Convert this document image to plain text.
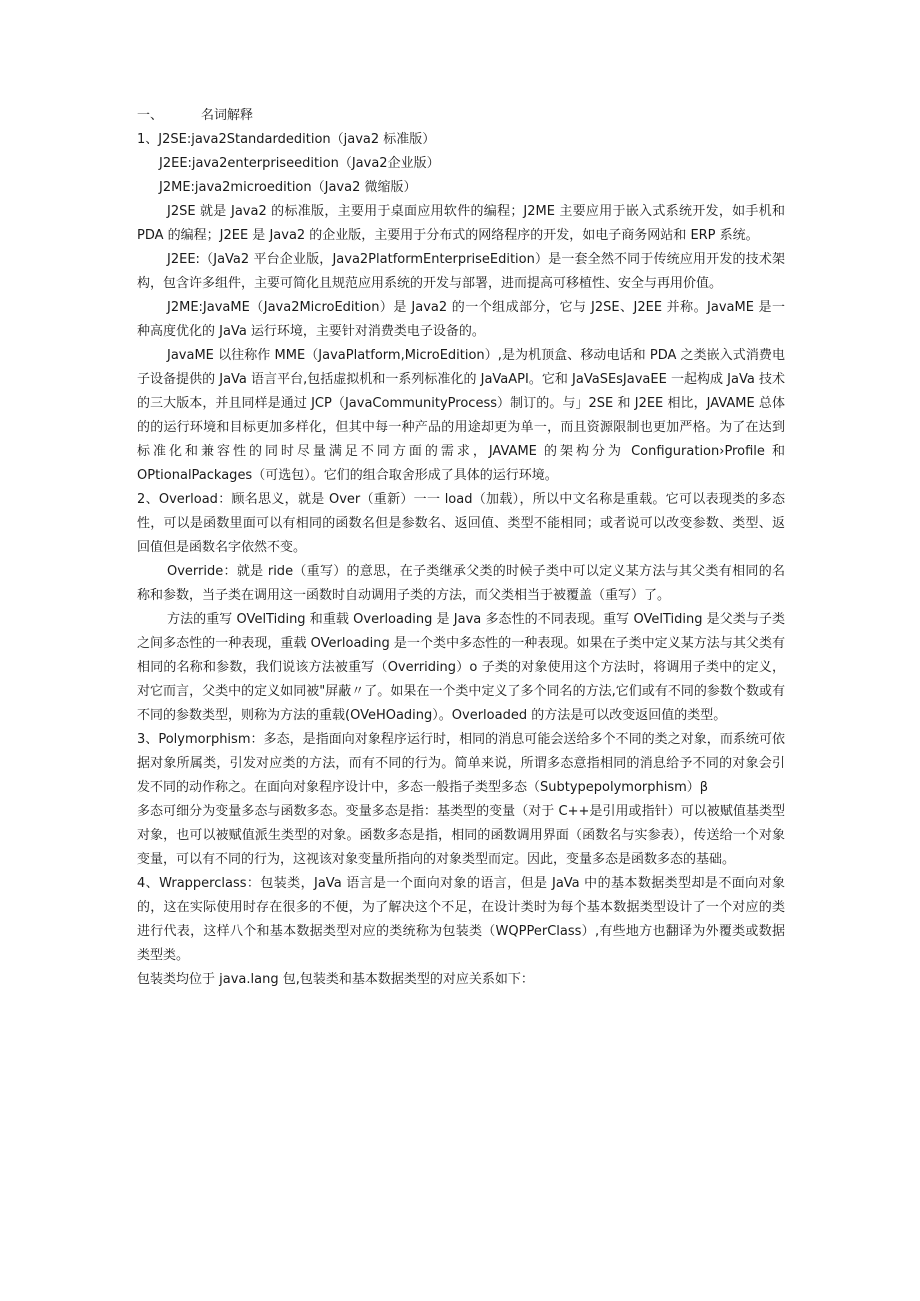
一、	名词解释

1、J2SE:java2Standardedition（java2 标准版）

J2EE:java2enterpriseedition（Java2企业版）

J2ME:java2microedition（Java2 微缩版）

J2SE 就是 Java2 的标准版，主要用于桌面应用软件的编程；J2ME 主要应用于嵌入式系统开发，如手机和 PDA 的编程；J2EE 是 Java2 的企业版，主要用于分布式的网络程序的开发，如电子商务网站和 ERP 系统。

J2EE:（JaVa2 平台企业版，Java2PlatformEnterpriseEdition）是一套全然不同于传统应用开发的技术架构，包含许多组件，主要可简化且规范应用系统的开发与部署，进而提高可移植性、安全与再用价值。

J2ME:JavaME（Java2MicroEdition）是 Java2 的一个组成部分，它与 J2SE、J2EE 并称。JavaME 是一种高度优化的 JaVa 运行环境，主要针对消费类电子设备的。

JavaME 以往称作 MME（JavaPlatform,MicroEdition）,是为机顶盒、移动电话和 PDA 之类嵌入式消费电子设备提供的 JaVa 语言平台,包括虚拟机和一系列标准化的 JaVaAPI。它和 JaVaSEsJavaEE 一起构成 JaVa 技术的三大版本，并且同样是通过 JCP（JavaCommunityProcess）制订的。与」2SE 和 J2EE 相比，JAVAME 总体的的运行环境和目标更加多样化，但其中每一种产品的用途却更为单一，而且资源限制也更加严格。为了在达到标准化和兼容性的同时尽量满足不同方面的需求，JAVAME 的架构分为 Configuration›Profile 和 OPtionalPackages（可选包）。它们的组合取舍形成了具体的运行环境。

2、Overload：顾名思义，就是 Over（重新）一一 load（加载），所以中文名称是重载。它可以表现类的多态性，可以是函数里面可以有相同的函数名但是参数名、返回值、类型不能相同；或者说可以改变参数、类型、返回值但是函数名字依然不变。

Override：就是 ride（重写）的意思，在子类继承父类的时候子类中可以定义某方法与其父类有相同的名称和参数，当子类在调用这一函数时自动调用子类的方法，而父类相当于被覆盖（重写）了。

方法的重写 OVelTiding 和重载 Overloading 是 Java 多态性的不同表现。重写 OVelTiding 是父类与子类之间多态性的一种表现，重载 OVerloading 是一个类中多态性的一种表现。如果在子类中定义某方法与其父类有相同的名称和参数，我们说该方法被重写（Overriding）o 子类的对象使用这个方法时，将调用子类中的定义，对它而言，父类中的定义如同被"屏蔽〃了。如果在一个类中定义了多个同名的方法,它们或有不同的参数个数或有不同的参数类型，则称为方法的重载(OVeHOading）。Overloaded 的方法是可以改变返回值的类型。

3、Polymorphism：多态，是指面向对象程序运行时，相同的消息可能会送给多个不同的类之对象，而系统可依据对象所属类，引发对应类的方法，而有不同的行为。简单来说，所谓多态意指相同的消息给予不同的对象会引发不同的动作称之。在面向对象程序设计中，多态一般指子类型多态（Subtypepolymorphism）β

多态可细分为变量多态与函数多态。变量多态是指：基类型的变量（对于 C++是引用或指针）可以被赋值基类型对象，也可以被赋值派生类型的对象。函数多态是指，相同的函数调用界面（函数名与实参表），传送给一个对象变量，可以有不同的行为，这视该对象变量所指向的对象类型而定。因此，变量多态是函数多态的基础。

4、Wrapperclass：包装类，JaVa 语言是一个面向对象的语言，但是 JaVa 中的基本数据类型却是不面向对象的，这在实际使用时存在很多的不便，为了解决这个不足，在设计类时为每个基本数据类型设计了一个对应的类进行代表，这样八个和基本数据类型对应的类统称为包装类（WQPPerClass）,有些地方也翻译为外覆类或数据类型类。

包装类均位于 java.lang 包,包装类和基本数据类型的对应关系如下：
